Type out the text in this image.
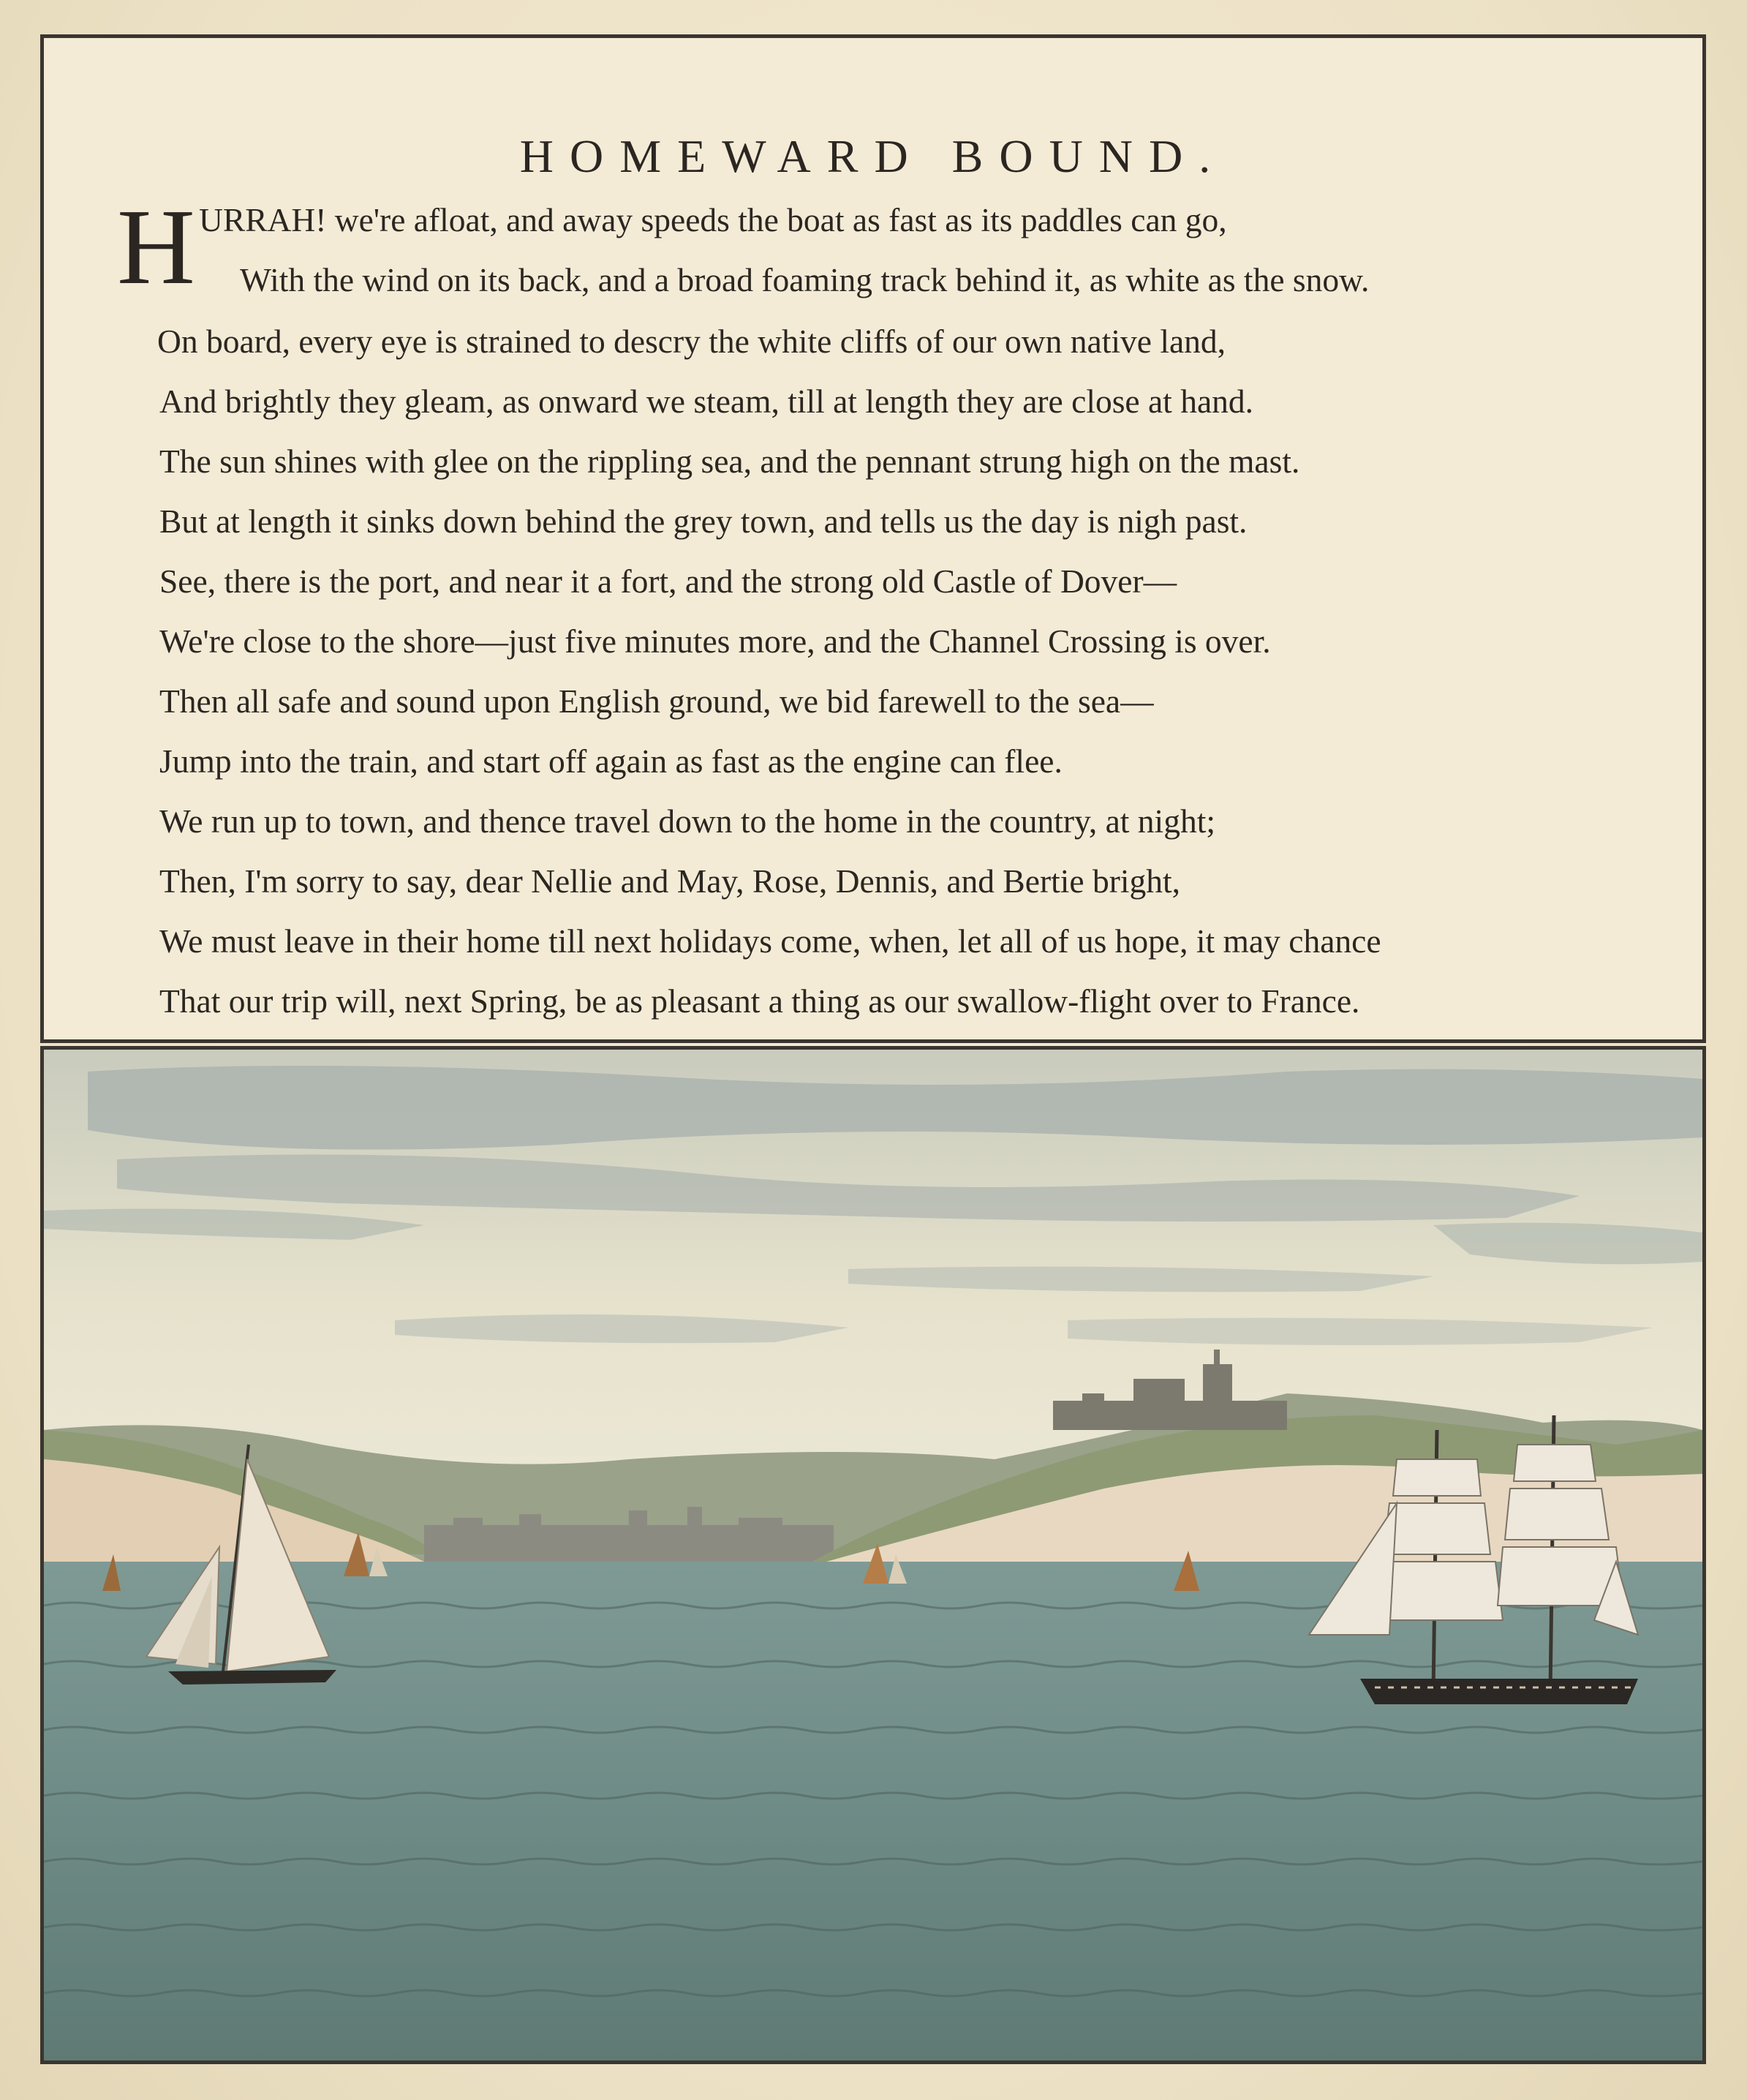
HOMEWARD BOUND.
H URRAH! we're afloat, and away speeds the boat as fast as its paddles can go,
With the wind on its back, and a broad foaming track behind it, as white as the snow.
On board, every eye is strained to descry the white cliffs of our own native land,
And brightly they gleam, as onward we steam, till at length they are close at hand.
The sun shines with glee on the rippling sea, and the pennant strung high on the mast.
But at length it sinks down behind the grey town, and tells us the day is nigh past.
See, there is the port, and near it a fort, and the strong old Castle of Dover—
We're close to the shore—just five minutes more, and the Channel Crossing is over.
Then all safe and sound upon English ground, we bid farewell to the sea—
Jump into the train, and start off again as fast as the engine can flee.
We run up to town, and thence travel down to the home in the country, at night;
Then, I'm sorry to say, dear Nellie and May, Rose, Dennis, and Bertie bright,
We must leave in their home till next holidays come, when, let all of us hope, it may chance
That our trip will, next Spring, be as pleasant a thing as our swallow-flight over to France.
